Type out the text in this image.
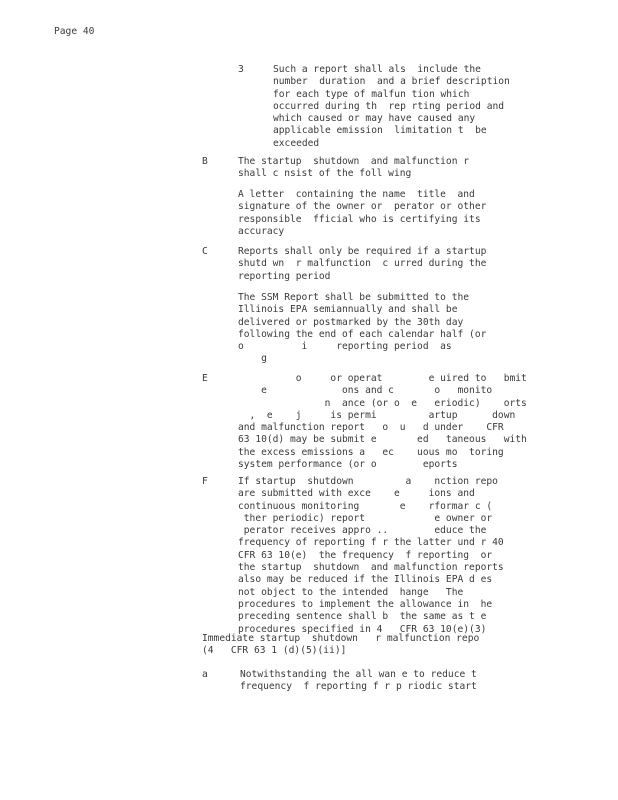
Page 40
3	Such a report shall als  include the
number  duration  and a brief description
for each type of malfun tion which
occurred during th  rep rting period and
which caused or may have caused any
applicable emission  limitation t  be
exceeded
B	The startup  shutdown  and malfunction r
shall c nsist of the foll wing
A letter  containing the name  title  and
signature of the owner or  perator or other
responsible  fficial who is certifying its
accuracy
C	Reports shall only be required if a startup
shutd wn  r malfunction  c urred during the
reporting period
The SSM Report shall be submitted to the
Illinois EPA semiannually and shall be
delivered or postmarked by the 30th day
following the end of each calendar half (or
o          i     reporting period  as
g
E	o     or operat        e uired to   bmit
e             ons and c       o   monito
n  ance (or o  e   eriodic)    orts
,  e    j     is permi         artup      down
and malfunction report   o  u   d under    CFR
63 10(d) may be submit e       ed   taneous   with
the excess emissions a   ec    uous mo  toring
system performance (or o        eports
F	If startup  shutdown         a    nction repo
are submitted with exce    e     ions and
continuous monitoring       e    rformar c (
ther periodic) report            e owner or
perator receives appro ..        educe the
frequency of reporting f r the latter und r 40
CFR 63 10(e)  the frequency  f reporting  or
the startup  shutdown  and malfunction reports
also may be reduced if the Illinois EPA d es
not object to the intended  hange   The
procedures to implement the allowance in  he
preceding sentence shall b  the same as t e
procedures specified in 4   CFR 63 10(e)(3)
Immediate startup  shutdown   r malfunction repo
(4   CFR 63 1 (d)(5)(ii)]
a	Notwithstanding the all wan e to reduce t
frequency  f reporting f r p riodic start
